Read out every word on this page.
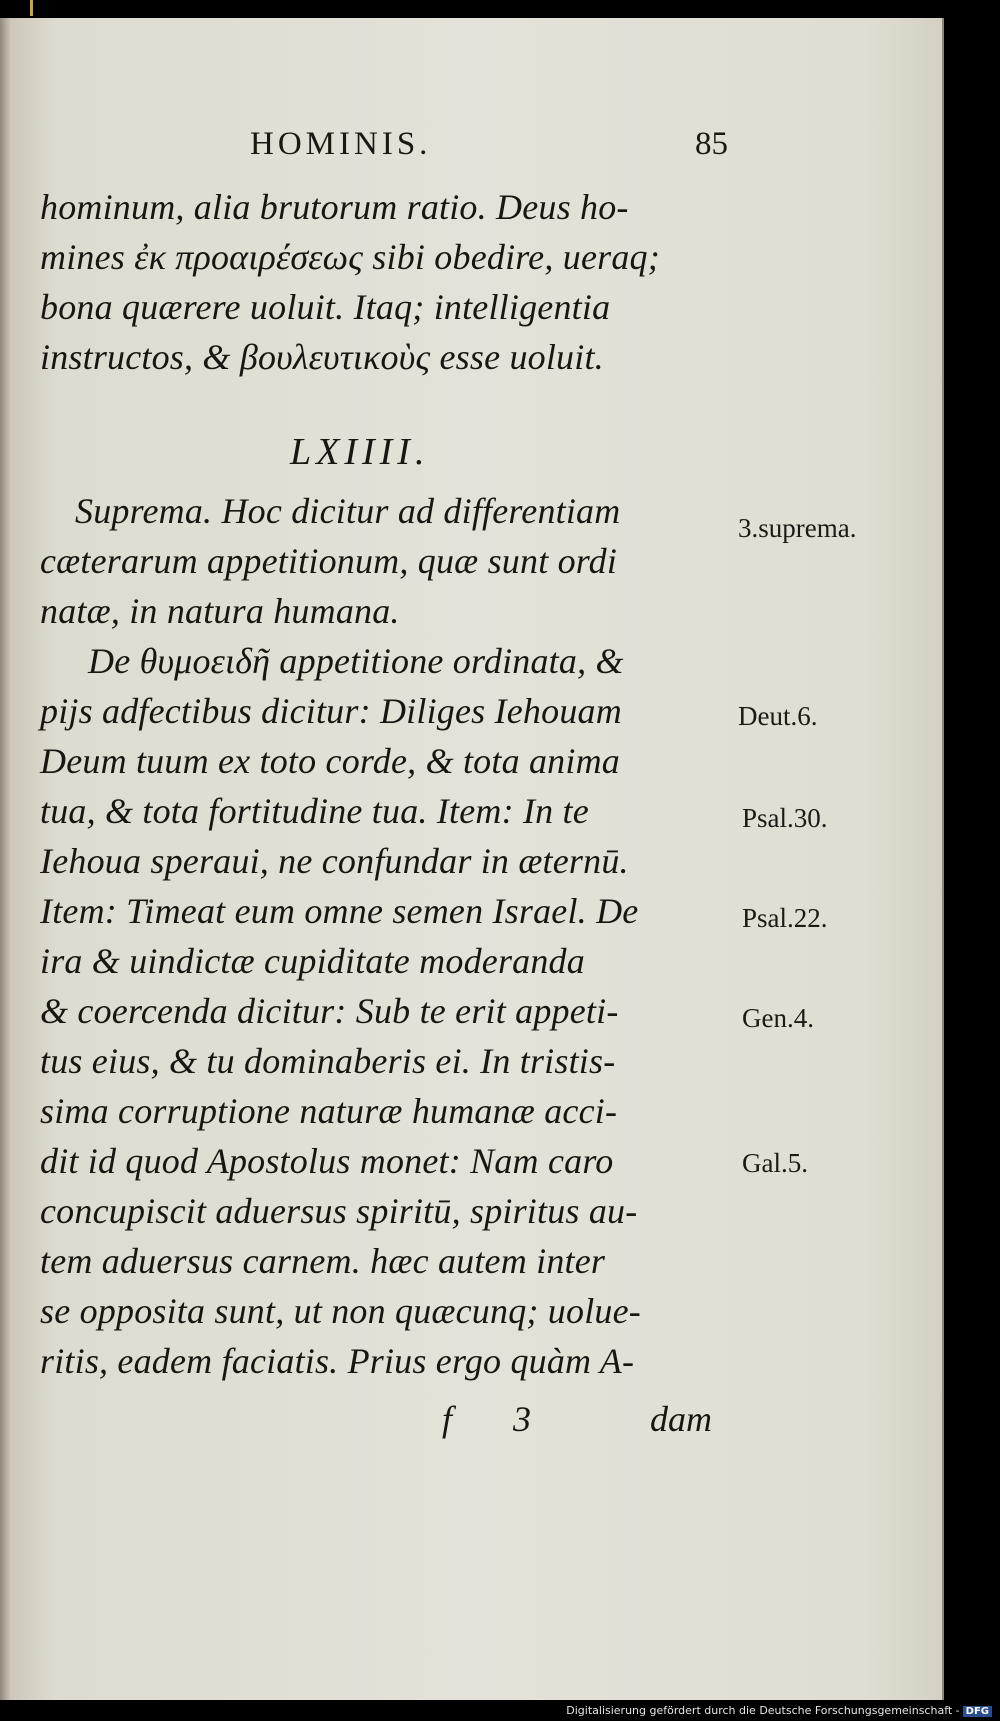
HOMINIS.	85
hominum, alia brutorum ratio. Deus ho-
mines ἐκ προαιρέσεως sibi obedire, ueraq;
bona quærere uoluit. Itaq; intelligentia
instructos, & βουλευτικοὺς esse uoluit.
LXIIII.
Suprema. Hoc dicitur ad differentiam
cæterarum appetitionum, quæ sunt ordi
natæ, in natura humana.
De θυμοειδῆ appetitione ordinata, &
pijs adfectibus dicitur: Diliges Iehouam
Deum tuum ex toto corde, & tota anima
tua, & tota fortitudine tua. Item: In te
Iehoua speraui, ne confundar in æternū.
Item: Timeat eum omne semen Israel. De
ira & uindictæ cupiditate moderanda
& coercenda dicitur: Sub te erit appeti-
tus eius, & tu dominaberis ei. In tristis-
sima corruptione naturæ humanæ acci-
dit id quod Apostolus monet: Nam caro
concupiscit aduersus spiritū, spiritus au-
tem aduersus carnem. hæc autem inter
se opposita sunt, ut non quæcunq; uolue-
ritis, eadem faciatis. Prius ergo quàm A-
3.suprema.
Deut.6.
Psal.30.
Psal.22.
Gen.4.
Gal.5.
f 3	dam
Digitalisierung gefördert durch die Deutsche Forschungsgemeinschaft - DFG
